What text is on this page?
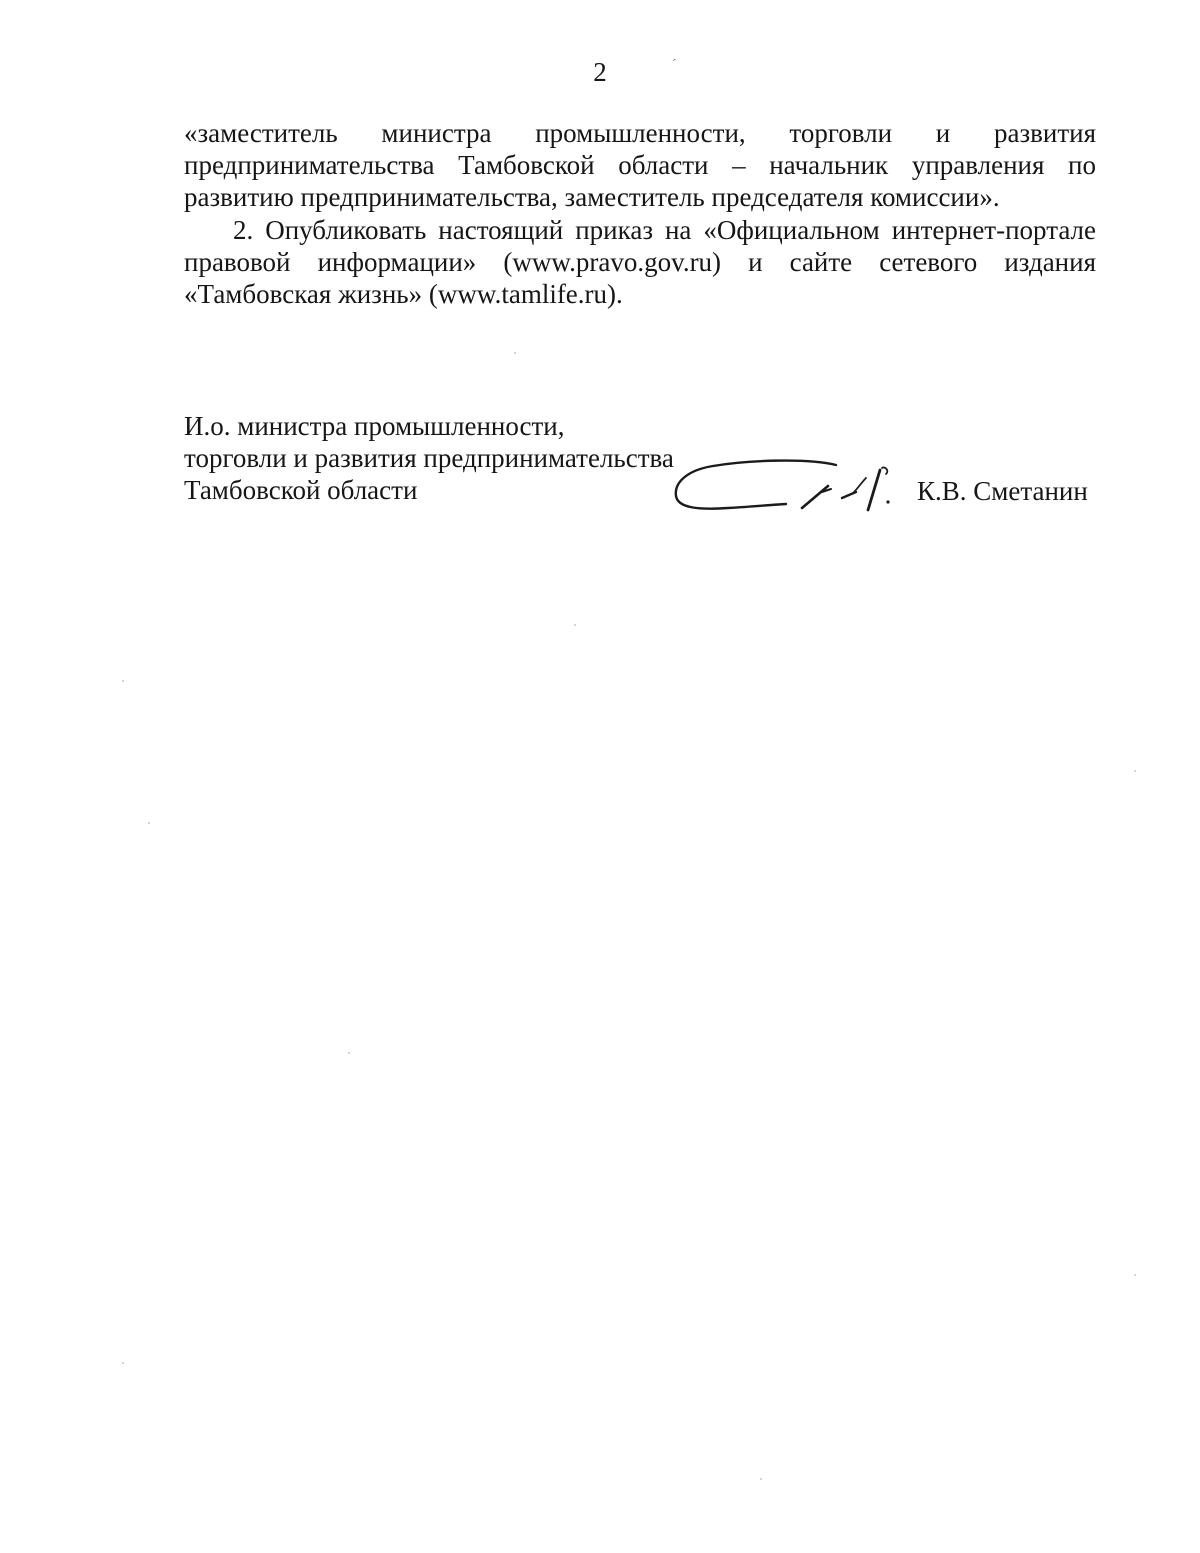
2	´
«заместитель министра промышленности, торговли и развития
предпринимательства Тамбовской области – начальник управления по
развитию предпринимательства, заместитель председателя комиссии».
2. Опубликовать настоящий приказ на «Официальном интернет-портале
правовой информации» (www.pravo.gov.ru) и сайте сетевого издания
«Тамбовская жизнь» (www.tamlife.ru).
И.о. министра промышленности,
торговли и развития предпринимательства
Тамбовской области	К.В. Сметанин
